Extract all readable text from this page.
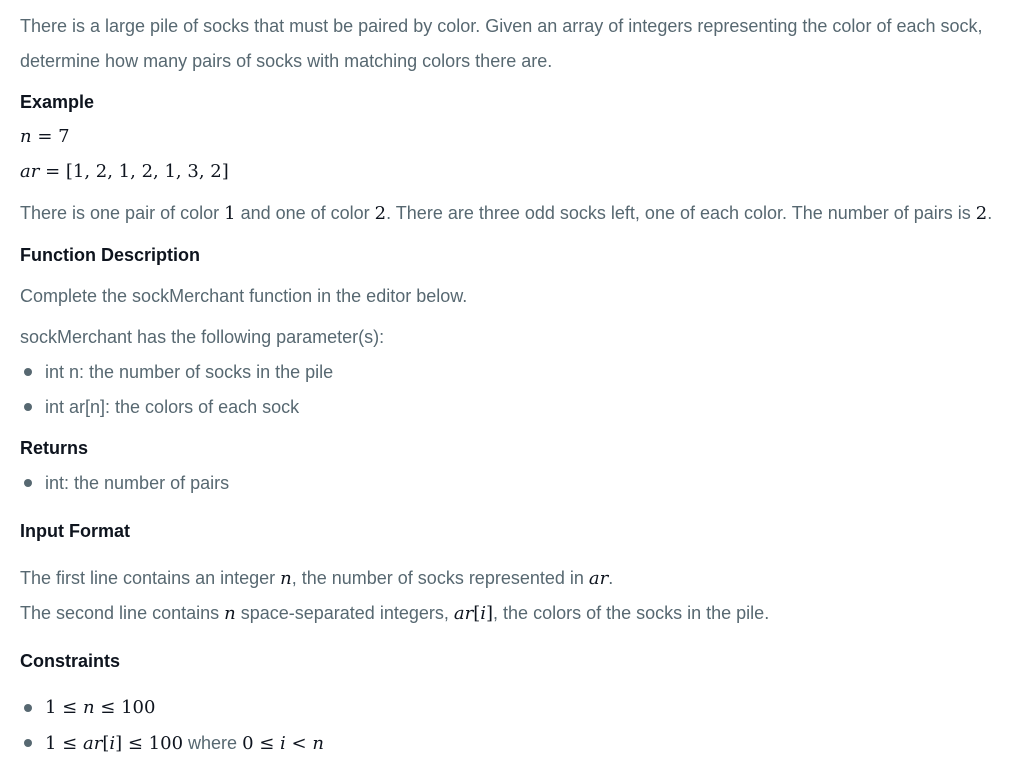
There is a large pile of socks that must be paired by color. Given an array of integers representing the color of each sock,
determine how many pairs of socks with matching colors there are.
Example
n = 7
ar = [1, 2, 1, 2, 1, 3, 2]
There is one pair of color 1 and one of color 2. There are three odd socks left, one of each color. The number of pairs is 2.
Function Description
Complete the sockMerchant function in the editor below.
sockMerchant has the following parameter(s):
int n: the number of socks in the pile
int ar[n]: the colors of each sock
Returns
int: the number of pairs
Input Format
The first line contains an integer n, the number of socks represented in ar.
The second line contains n space-separated integers, ar[i], the colors of the socks in the pile.
Constraints
1 ≤ n ≤ 100
1 ≤ ar[i] ≤ 100 where 0 ≤ i < n
